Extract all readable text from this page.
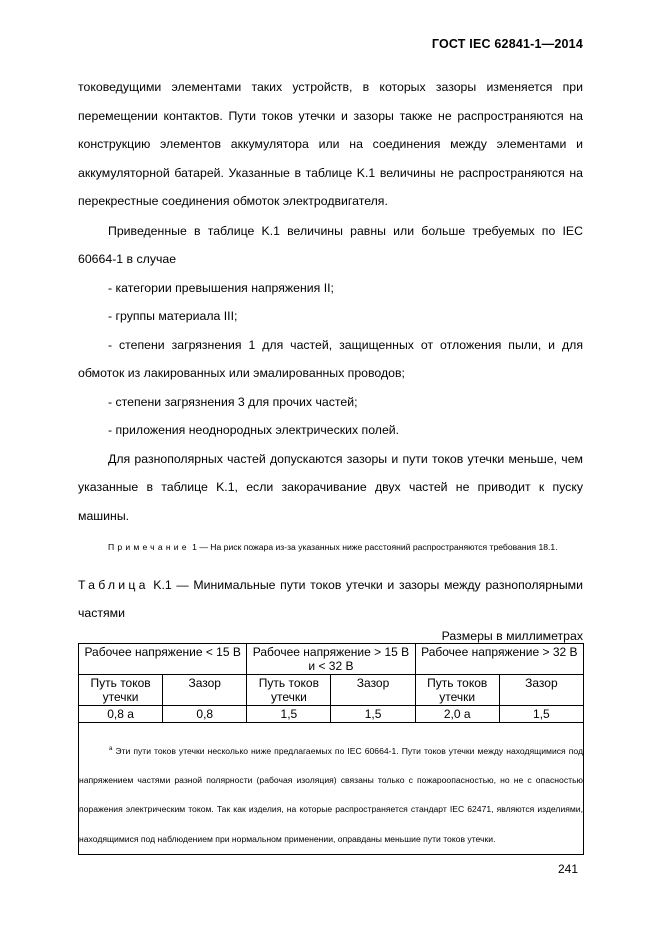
ГОСТ IEC 62841-1—2014

токоведущими элементами таких устройств, в которых зазоры изменяется при перемещении контактов. Пути токов утечки и зазоры также не распространяются на конструкцию элементов аккумулятора или на соединения между элементами и аккумуляторной батарей. Указанные в таблице K.1 величины не распространяются на перекрестные соединения обмоток электродвигателя.

Приведенные в таблице K.1 величины равны или больше требуемых по IEC 60664-1 в случае

- категории превышения напряжения II;

- группы материала III;

- степени загрязнения 1 для частей, защищенных от отложения пыли, и для обмоток из лакированных или эмалированных проводов;

- степени загрязнения 3 для прочих частей;

- приложения неоднородных электрических полей.

Для разнополярных частей допускаются зазоры и пути токов утечки меньше, чем указанные в таблице K.1, если закорачивание двух частей не приводит к пуску машины.

Примечание 1 — На риск пожара из-за указанных ниже расстояний распространяются требования 18.1.

Таблица K.1 — Минимальные пути токов утечки и зазоры между разнополярными частями

Размеры в миллиметрах
Рабочее напряжение < 15 В		Рабочее напряжение > 15 В и < 32 В		Рабочее напряжение > 32 В	
Путь токов утечки	Зазор	Путь токов утечки	Зазор	Путь токов утечки	Зазор
0,8 a	0,8	1,5	1,5	2,0 a	1,5

$^a$ Эти пути токов утечки несколько ниже предлагаемых по IEC 60664-1. Пути токов утечки между находящимися под напряжением частями разной полярности (рабочая изоляция) связаны только с пожароопасностью, но не с опасностью поражения электрическим током. Так как изделия, на которые распространяется стандарт IEC 62471, являются изделиями, находящимися под наблюдением при нормальном применении, оправданы меньшие пути токов утечки.					

241
